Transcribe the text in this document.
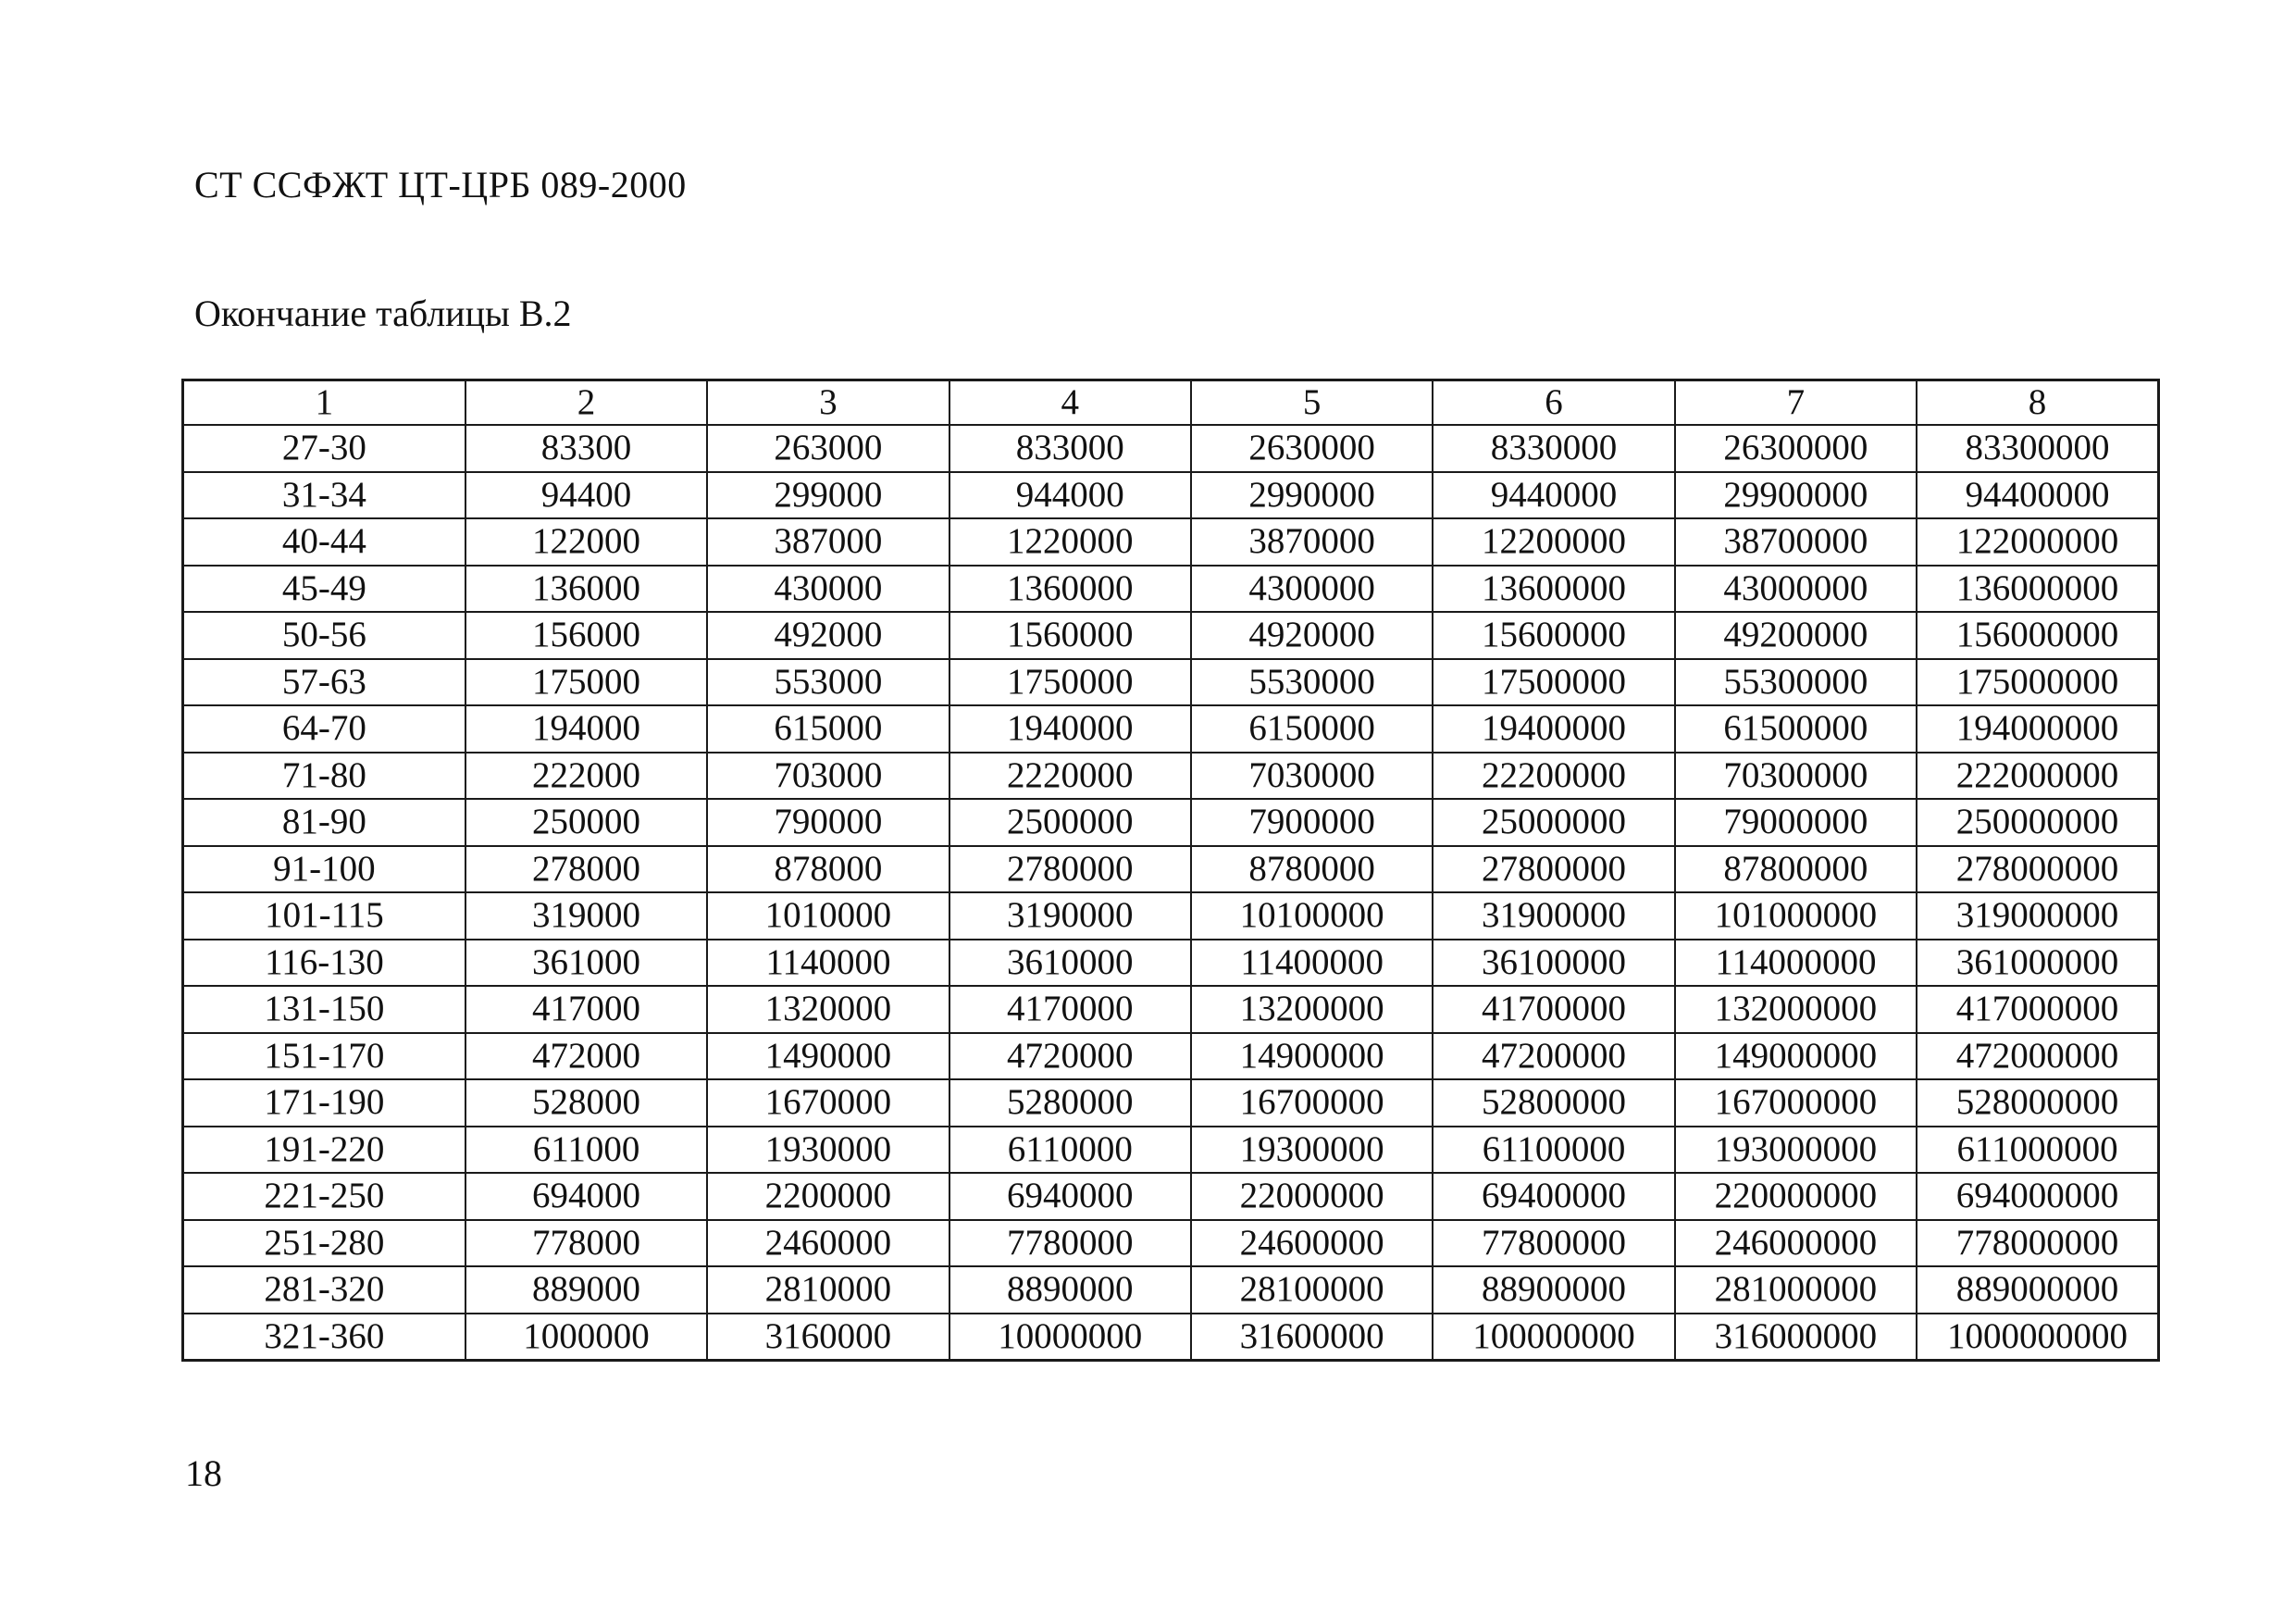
СТ ССФЖТ ЦТ-ЦРБ 089-2000
Окончание таблицы В.2
1	2	3	4	5	6	7	8
27-30	83300	263000	833000	2630000	8330000	26300000	83300000
31-34	94400	299000	944000	2990000	9440000	29900000	94400000
40-44	122000	387000	1220000	3870000	12200000	38700000	122000000
45-49	136000	430000	1360000	4300000	13600000	43000000	136000000
50-56	156000	492000	1560000	4920000	15600000	49200000	156000000
57-63	175000	553000	1750000	5530000	17500000	55300000	175000000
64-70	194000	615000	1940000	6150000	19400000	61500000	194000000
71-80	222000	703000	2220000	7030000	22200000	70300000	222000000
81-90	250000	790000	2500000	7900000	25000000	79000000	250000000
91-100	278000	878000	2780000	8780000	27800000	87800000	278000000
101-115	319000	1010000	3190000	10100000	31900000	101000000	319000000
116-130	361000	1140000	3610000	11400000	36100000	114000000	361000000
131-150	417000	1320000	4170000	13200000	41700000	132000000	417000000
151-170	472000	1490000	4720000	14900000	47200000	149000000	472000000
171-190	528000	1670000	5280000	16700000	52800000	167000000	528000000
191-220	611000	1930000	6110000	19300000	61100000	193000000	611000000
221-250	694000	2200000	6940000	22000000	69400000	220000000	694000000
251-280	778000	2460000	7780000	24600000	77800000	246000000	778000000
281-320	889000	2810000	8890000	28100000	88900000	281000000	889000000
321-360	1000000	3160000	10000000	31600000	100000000	316000000	1000000000
18
